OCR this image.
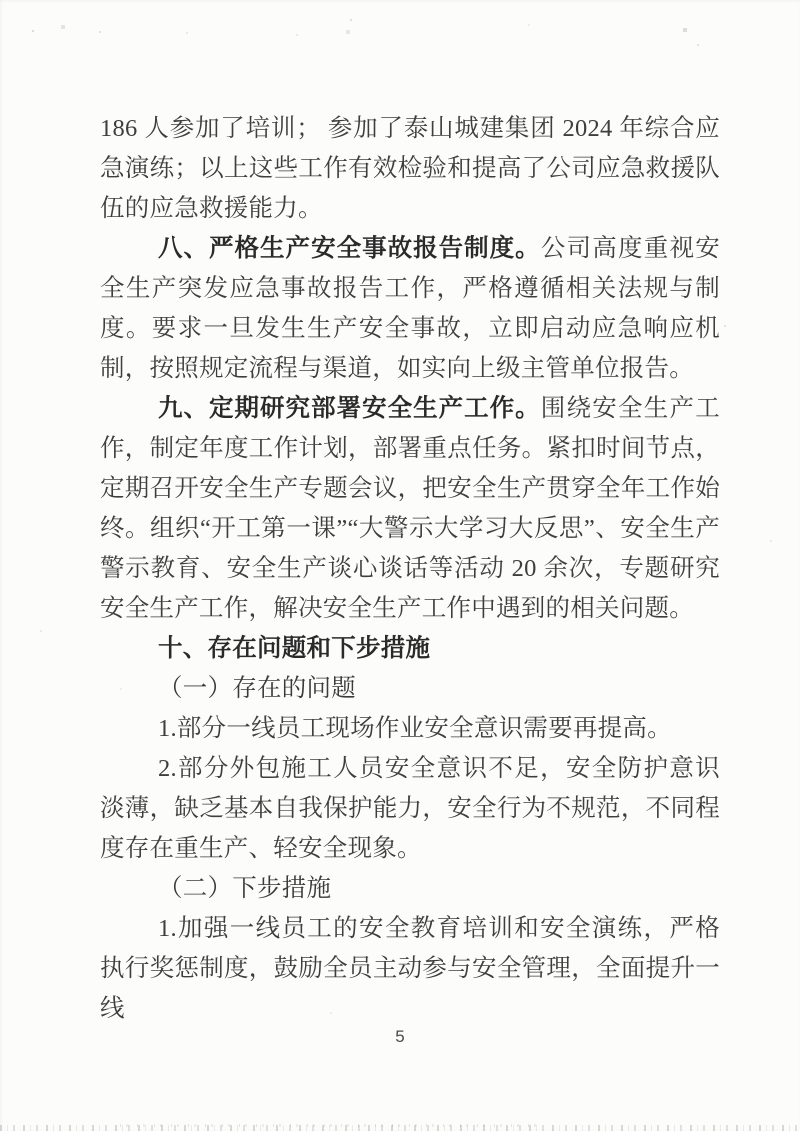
186 人参加了培训； 参加了泰山城建集团 2024 年综合应急演练；以上这些工作有效检验和提高了公司应急救援队伍的应急救援能力。

八、严格生产安全事故报告制度。公司高度重视安全生产突发应急事故报告工作，严格遵循相关法规与制度。要求一旦发生生产安全事故，立即启动应急响应机制，按照规定流程与渠道，如实向上级主管单位报告。

九、定期研究部署安全生产工作。围绕安全生产工作，制定年度工作计划，部署重点任务。紧扣时间节点，定期召开安全生产专题会议，把安全生产贯穿全年工作始终。组织“开工第一课”“大警示大学习大反思”、安全生产警示教育、安全生产谈心谈话等活动 20 余次，专题研究安全生产工作，解决安全生产工作中遇到的相关问题。

十、存在问题和下步措施

（一）存在的问题

1.部分一线员工现场作业安全意识需要再提高。

2.部分外包施工人员安全意识不足，安全防护意识淡薄，缺乏基本自我保护能力，安全行为不规范，不同程度存在重生产、轻安全现象。

（二）下步措施

1.加强一线员工的安全教育培训和安全演练，严格执行奖惩制度，鼓励全员主动参与安全管理，全面提升一线

5
